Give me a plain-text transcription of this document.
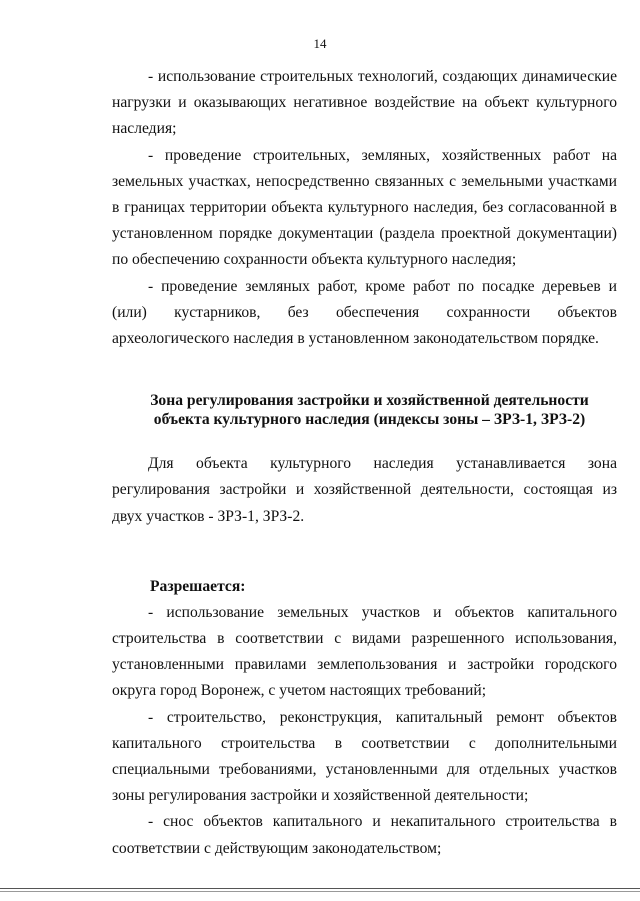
14

- использование строительных технологий, создающих динамические нагрузки и оказывающих негативное воздействие на объект культурного наследия;

- проведение строительных, земляных, хозяйственных работ на земельных участках, непосредственно связанных с земельными участками в границах территории объекта культурного наследия, без согласованной в установленном порядке документации (раздела проектной документации) по обеспечению сохранности объекта культурного наследия;

- проведение земляных работ, кроме работ по посадке деревьев и (или) кустарников, без обеспечения сохранности объектов археологического наследия в установленном законодательством порядке.

Зона регулирования застройки и хозяйственной деятельности
объекта культурного наследия (индексы зоны – ЗРЗ-1, ЗРЗ-2)

Для объекта культурного наследия устанавливается зона регулирования застройки и хозяйственной деятельности, состоящая из двух участков - ЗРЗ-1, ЗРЗ-2.

Разрешается:

- использование земельных участков и объектов капитального строительства в соответствии с видами разрешенного использования, установленными правилами землепользования и застройки городского округа город Воронеж, с учетом настоящих требований;

- строительство, реконструкция, капитальный ремонт объектов капитального строительства в соответствии с дополнительными специальными требованиями, установленными для отдельных участков зоны регулирования застройки и хозяйственной деятельности;

- снос объектов капитального и некапитального строительства в соответствии с действующим законодательством;
